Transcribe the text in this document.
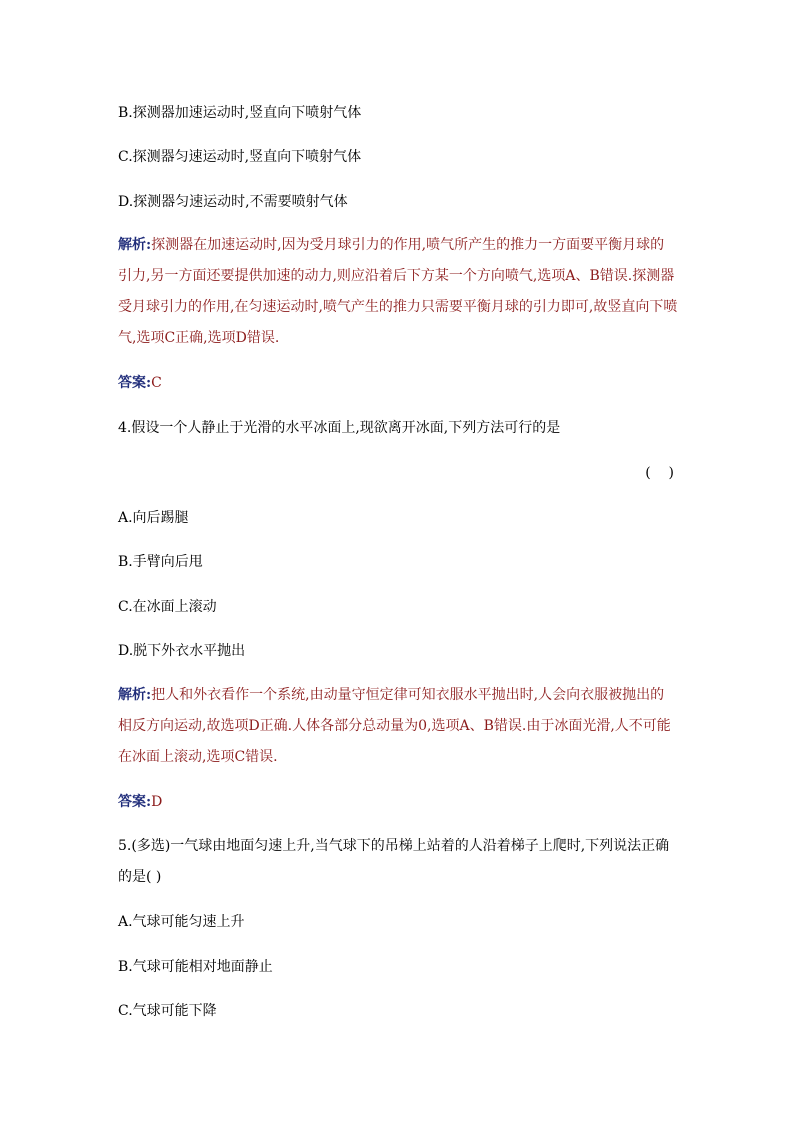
B.探测器加速运动时,竖直向下喷射气体
C.探测器匀速运动时,竖直向下喷射气体
D.探测器匀速运动时,不需要喷射气体
解析:探测器在加速运动时,因为受月球引力的作用,喷气所产生的推力一方面要平衡月球的引力,另一方面还要提供加速的动力,则应沿着后下方某一个方向喷气,选项A、B错误.探测器受月球引力的作用,在匀速运动时,喷气产生的推力只需要平衡月球的引力即可,故竖直向下喷气,选项C正确,选项D错误.
答案:C
4.假设一个人静止于光滑的水平冰面上,现欲离开冰面,下列方法可行的是
(    )
A.向后踢腿
B.手臂向后甩
C.在冰面上滚动
D.脱下外衣水平抛出
解析:把人和外衣看作一个系统,由动量守恒定律可知衣服水平抛出时,人会向衣服被抛出的相反方向运动,故选项D正确.人体各部分总动量为0,选项A、B错误.由于冰面光滑,人不可能在冰面上滚动,选项C错误.
答案:D
5.(多选)一气球由地面匀速上升,当气球下的吊梯上站着的人沿着梯子上爬时,下列说法正确的是( )
A.气球可能匀速上升
B.气球可能相对地面静止
C.气球可能下降
